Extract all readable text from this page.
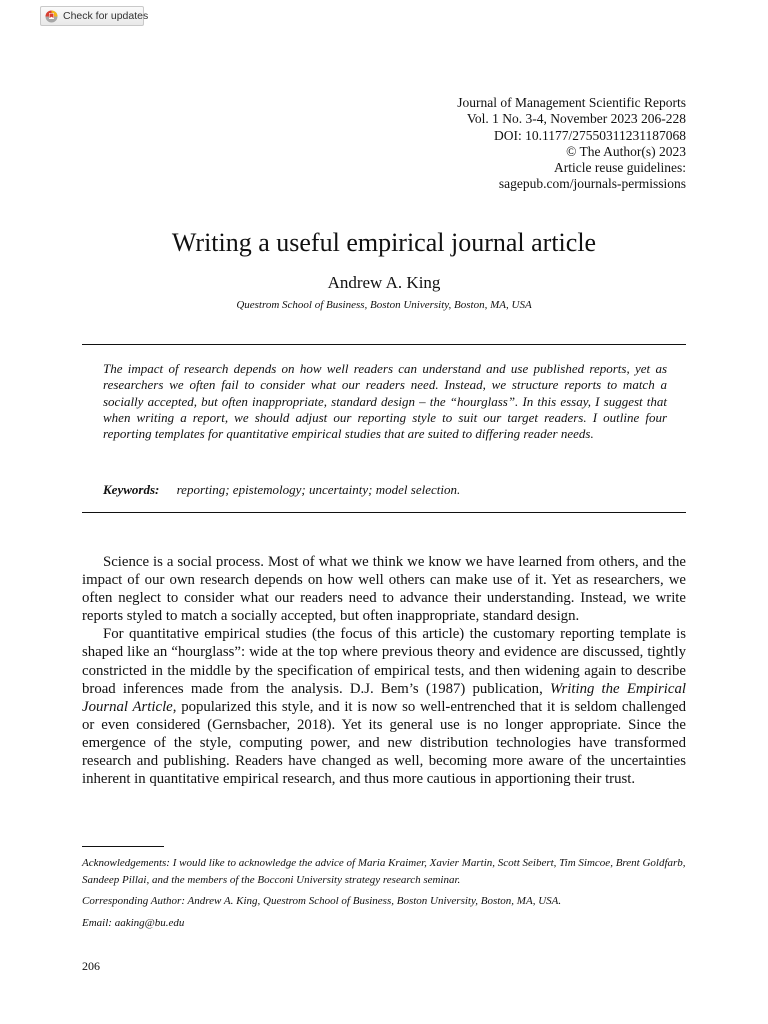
Check for updates
Journal of Management Scientific Reports
Vol. 1 No. 3-4, November 2023 206-228
DOI: 10.1177/27550311231187068
© The Author(s) 2023
Article reuse guidelines:
sagepub.com/journals-permissions
Writing a useful empirical journal article
Andrew A. King
Questrom School of Business, Boston University, Boston, MA, USA
The impact of research depends on how well readers can understand and use published reports, yet as researchers we often fail to consider what our readers need. Instead, we structure reports to match a socially accepted, but often inappropriate, standard design – the “hourglass”. In this essay, I suggest that when writing a report, we should adjust our reporting style to suit our target readers. I outline four reporting templates for quantitative empirical studies that are suited to differing reader needs.
Keywords: reporting; epistemology; uncertainty; model selection.

Science is a social process. Most of what we think we know we have learned from others, and the impact of our own research depends on how well others can make use of it. Yet as researchers, we often neglect to consider what our readers need to advance their understanding. Instead, we write reports styled to match a socially accepted, but often inappropriate, standard design.

For quantitative empirical studies (the focus of this article) the customary reporting template is shaped like an “hourglass”: wide at the top where previous theory and evidence are discussed, tightly constricted in the middle by the specification of empirical tests, and then widening again to describe broad inferences made from the analysis. D.J. Bem’s (1987) publication, Writing the Empirical Journal Article, popularized this style, and it is now so well-entrenched that it is seldom challenged or even considered (Gernsbacher, 2018). Yet its general use is no longer appropriate. Since the emergence of the style, computing power, and new distribution technologies have transformed research and publishing. Readers have changed as well, becoming more aware of the uncertainties inherent in quantitative empirical research, and thus more cautious in apportioning their trust.

Acknowledgements: I would like to acknowledge the advice of Maria Kraimer, Xavier Martin, Scott Seibert, Tim Simcoe, Brent Goldfarb, Sandeep Pillai, and the members of the Bocconi University strategy research seminar.

Corresponding Author: Andrew A. King, Questrom School of Business, Boston University, Boston, MA, USA.

Email: aaking@bu.edu

206
